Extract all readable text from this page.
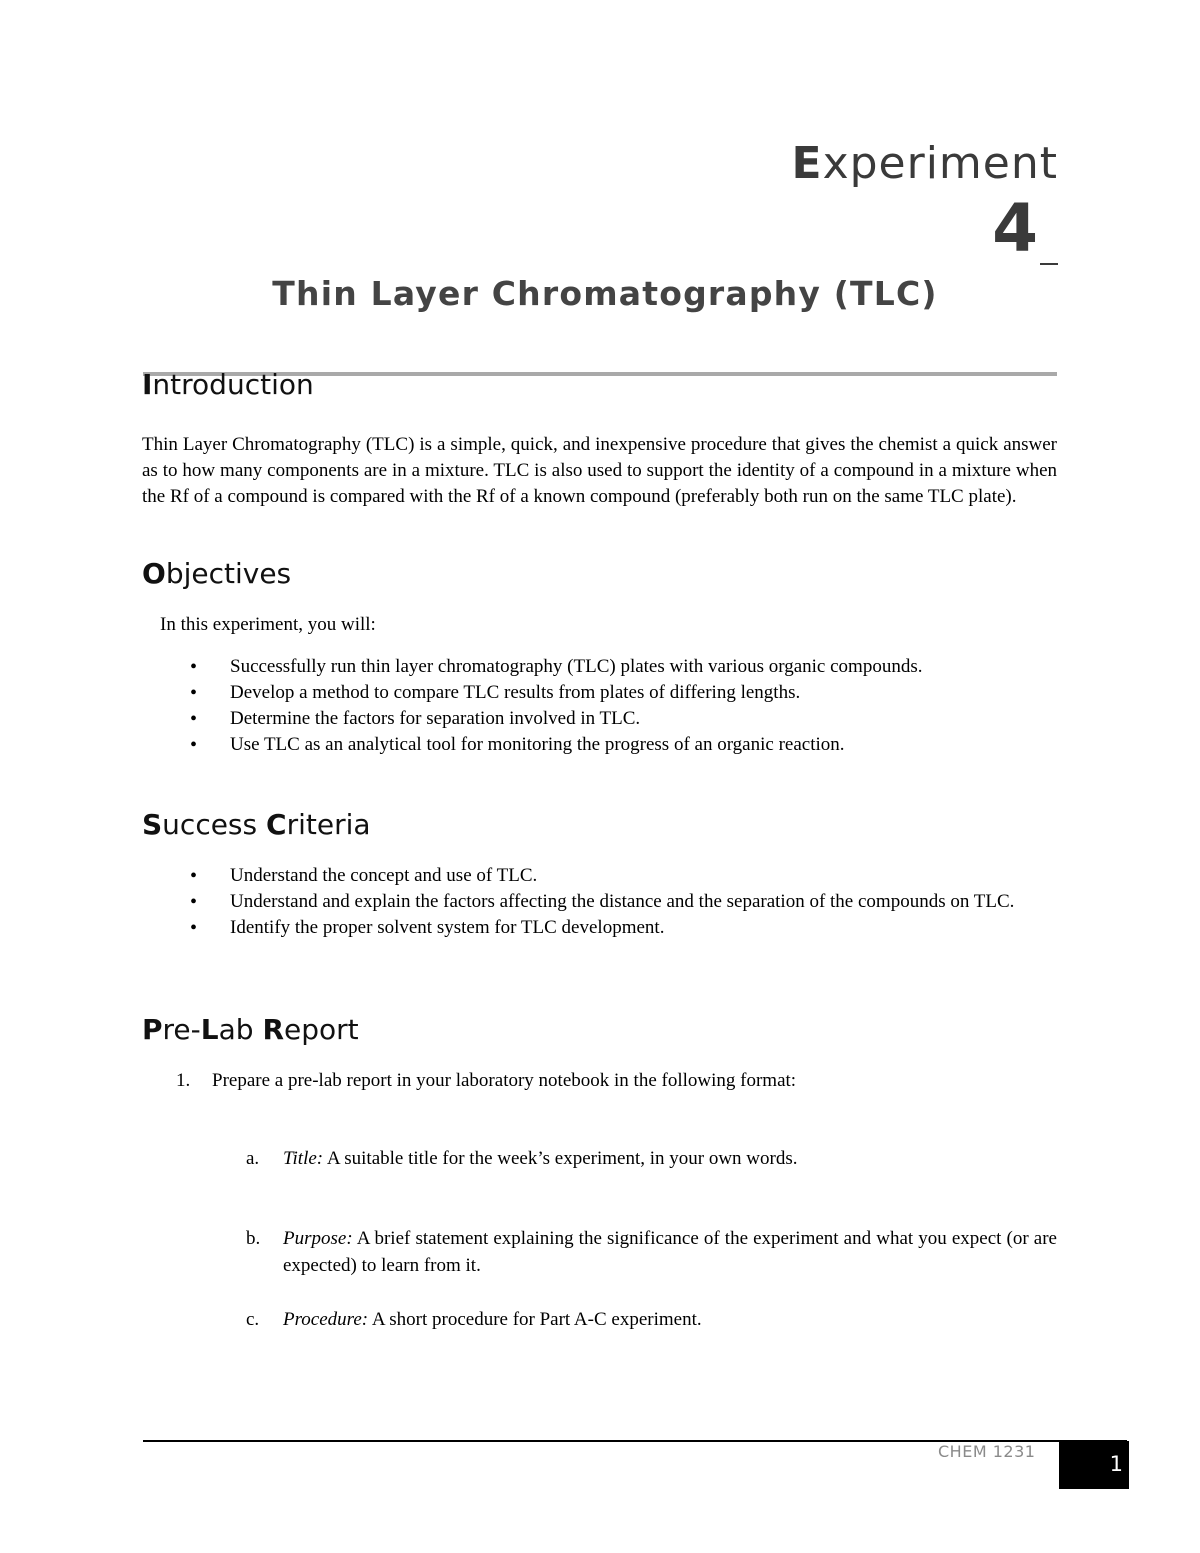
Experiment
4
Thin Layer Chromatography (TLC)
Introduction
Thin Layer Chromatography (TLC) is a simple, quick, and inexpensive procedure that gives the chemist a quick answer as to how many components are in a mixture. TLC is also used to support the identity of a compound in a mixture when the Rf of a compound is compared with the Rf of a known compound (preferably both run on the same TLC plate).
Objectives
In this experiment, you will:
• Successfully run thin layer chromatography (TLC) plates with various organic compounds.
• Develop a method to compare TLC results from plates of differing lengths.
• Determine the factors for separation involved in TLC.
• Use TLC as an analytical tool for monitoring the progress of an organic reaction.
Success Criteria
• Understand the concept and use of TLC.
• Understand and explain the factors affecting the distance and the separation of the compounds on TLC.
• Identify the proper solvent system for TLC development.
Pre-Lab Report
1. Prepare a pre-lab report in your laboratory notebook in the following format:
a.	Title: A suitable title for the week’s experiment, in your own words.
b.	Purpose: A brief statement explaining the significance of the experiment and what you expect (or are expected) to learn from it.
c.	Procedure: A short procedure for Part A-C experiment.
CHEM 1231
1
